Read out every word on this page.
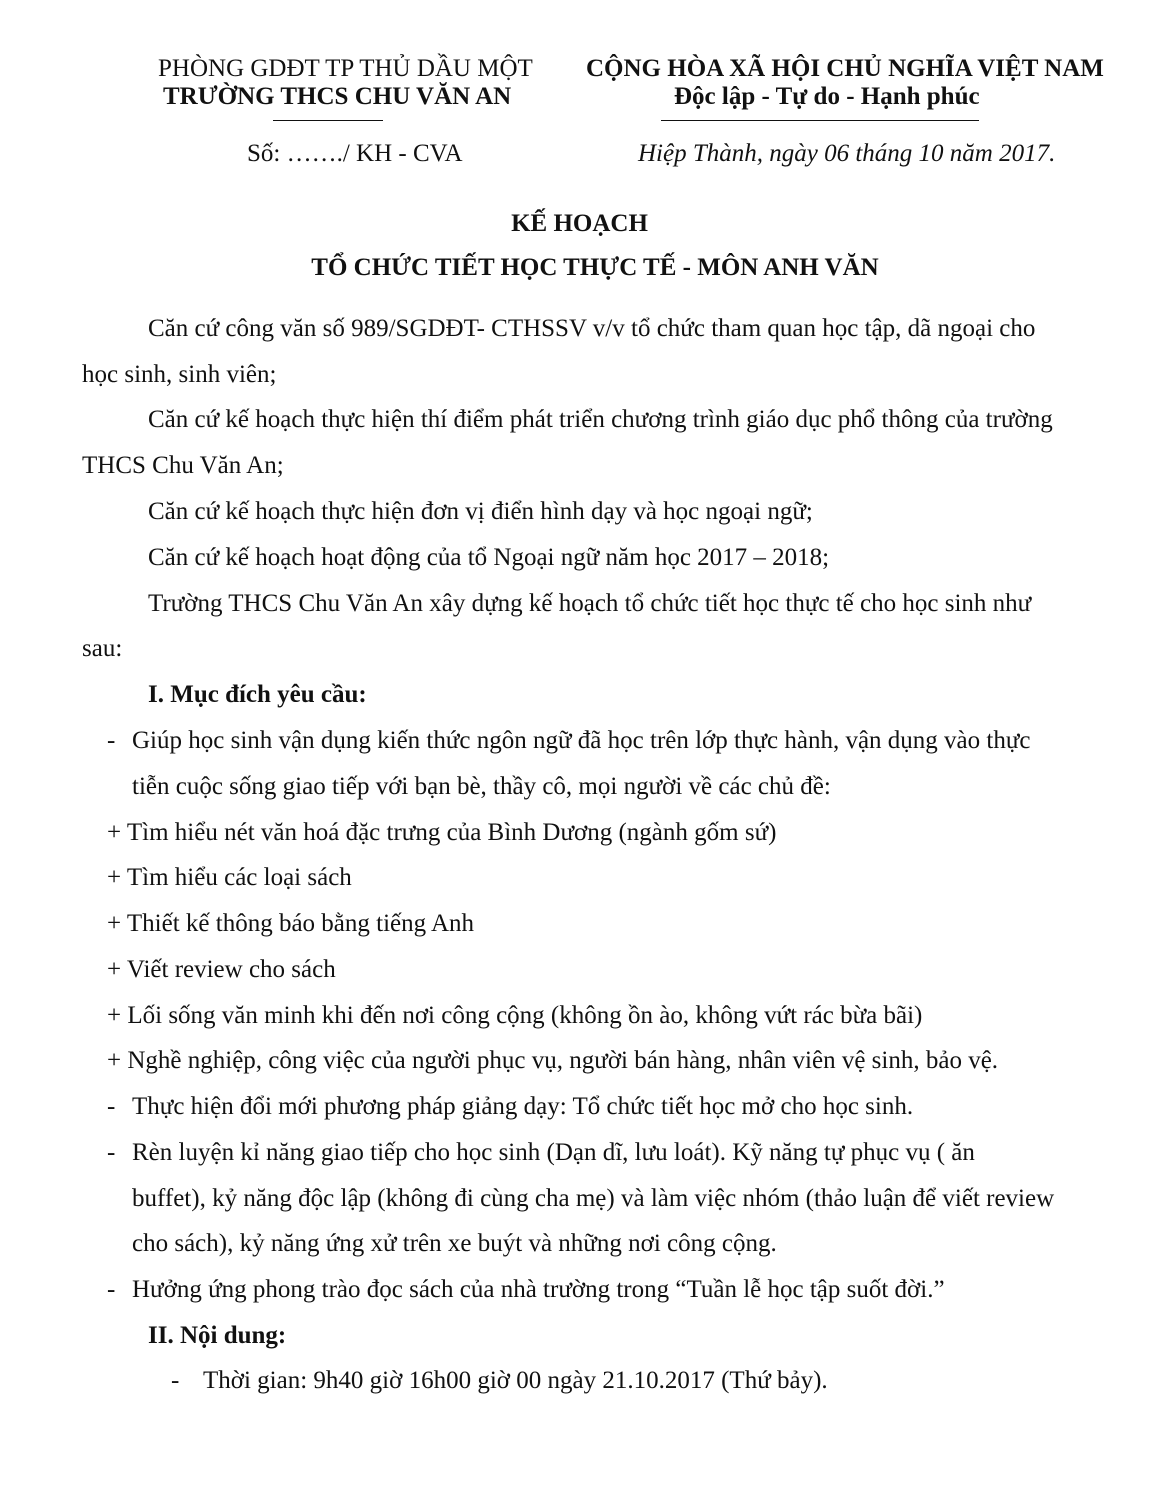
PHÒNG GDĐT TP THỦ DẦU MỘT
TRƯỜNG THCS CHU VĂN AN
CỘNG HÒA XÃ HỘI CHỦ NGHĨA VIỆT NAM
Độc lập - Tự do - Hạnh phúc
Số: ……./ KH - CVA	Hiệp Thành, ngày 06 tháng 10 năm 2017.
KẾ HOẠCH
TỔ CHỨC TIẾT HỌC THỰC TẾ - MÔN ANH VĂN
Căn cứ công văn số 989/SGDĐT- CTHSSV v/v tổ chức tham quan học tập, dã ngoại cho
học sinh, sinh viên;
Căn cứ kế hoạch thực hiện thí điểm phát triển chương trình giáo dục phổ thông của trường
THCS Chu Văn An;
Căn cứ kế hoạch thực hiện đơn vị điển hình dạy và học ngoại ngữ;
Căn cứ kế hoạch hoạt động của tổ Ngoại ngữ năm học 2017 – 2018;
Trường THCS Chu Văn An xây dựng kế hoạch tổ chức tiết học thực tế cho học sinh như
sau:
I. Mục đích yêu cầu:
- Giúp học sinh vận dụng kiến thức ngôn ngữ đã học trên lớp thực hành, vận dụng vào thực
tiễn cuộc sống giao tiếp với bạn bè, thầy cô, mọi người về các chủ đề:
+ Tìm hiểu nét văn hoá đặc trưng của Bình Dương (ngành gốm sứ)
+ Tìm hiểu các loại sách
+ Thiết kế thông báo bằng tiếng Anh
+ Viết review cho sách
+ Lối sống văn minh khi đến nơi công cộng (không ồn ào, không vứt rác bừa bãi)
+ Nghề nghiệp, công việc của người phục vụ, người bán hàng, nhân viên vệ sinh, bảo vệ.
- Thực hiện đổi mới phương pháp giảng dạy: Tổ chức tiết học mở cho học sinh.
- Rèn luyện kỉ năng giao tiếp cho học sinh (Dạn dĩ, lưu loát). Kỹ năng tự phục vụ ( ăn
buffet), kỷ năng độc lập (không đi cùng cha mẹ) và làm việc nhóm (thảo luận để viết review
cho sách), kỷ năng ứng xử trên xe buýt và những nơi công cộng.
- Hưởng ứng phong trào đọc sách của nhà trường trong “Tuần lễ học tập suốt đời.”
II. Nội dung:
- Thời gian: 9h40 giờ 16h00 giờ 00 ngày 21.10.2017 (Thứ bảy).
